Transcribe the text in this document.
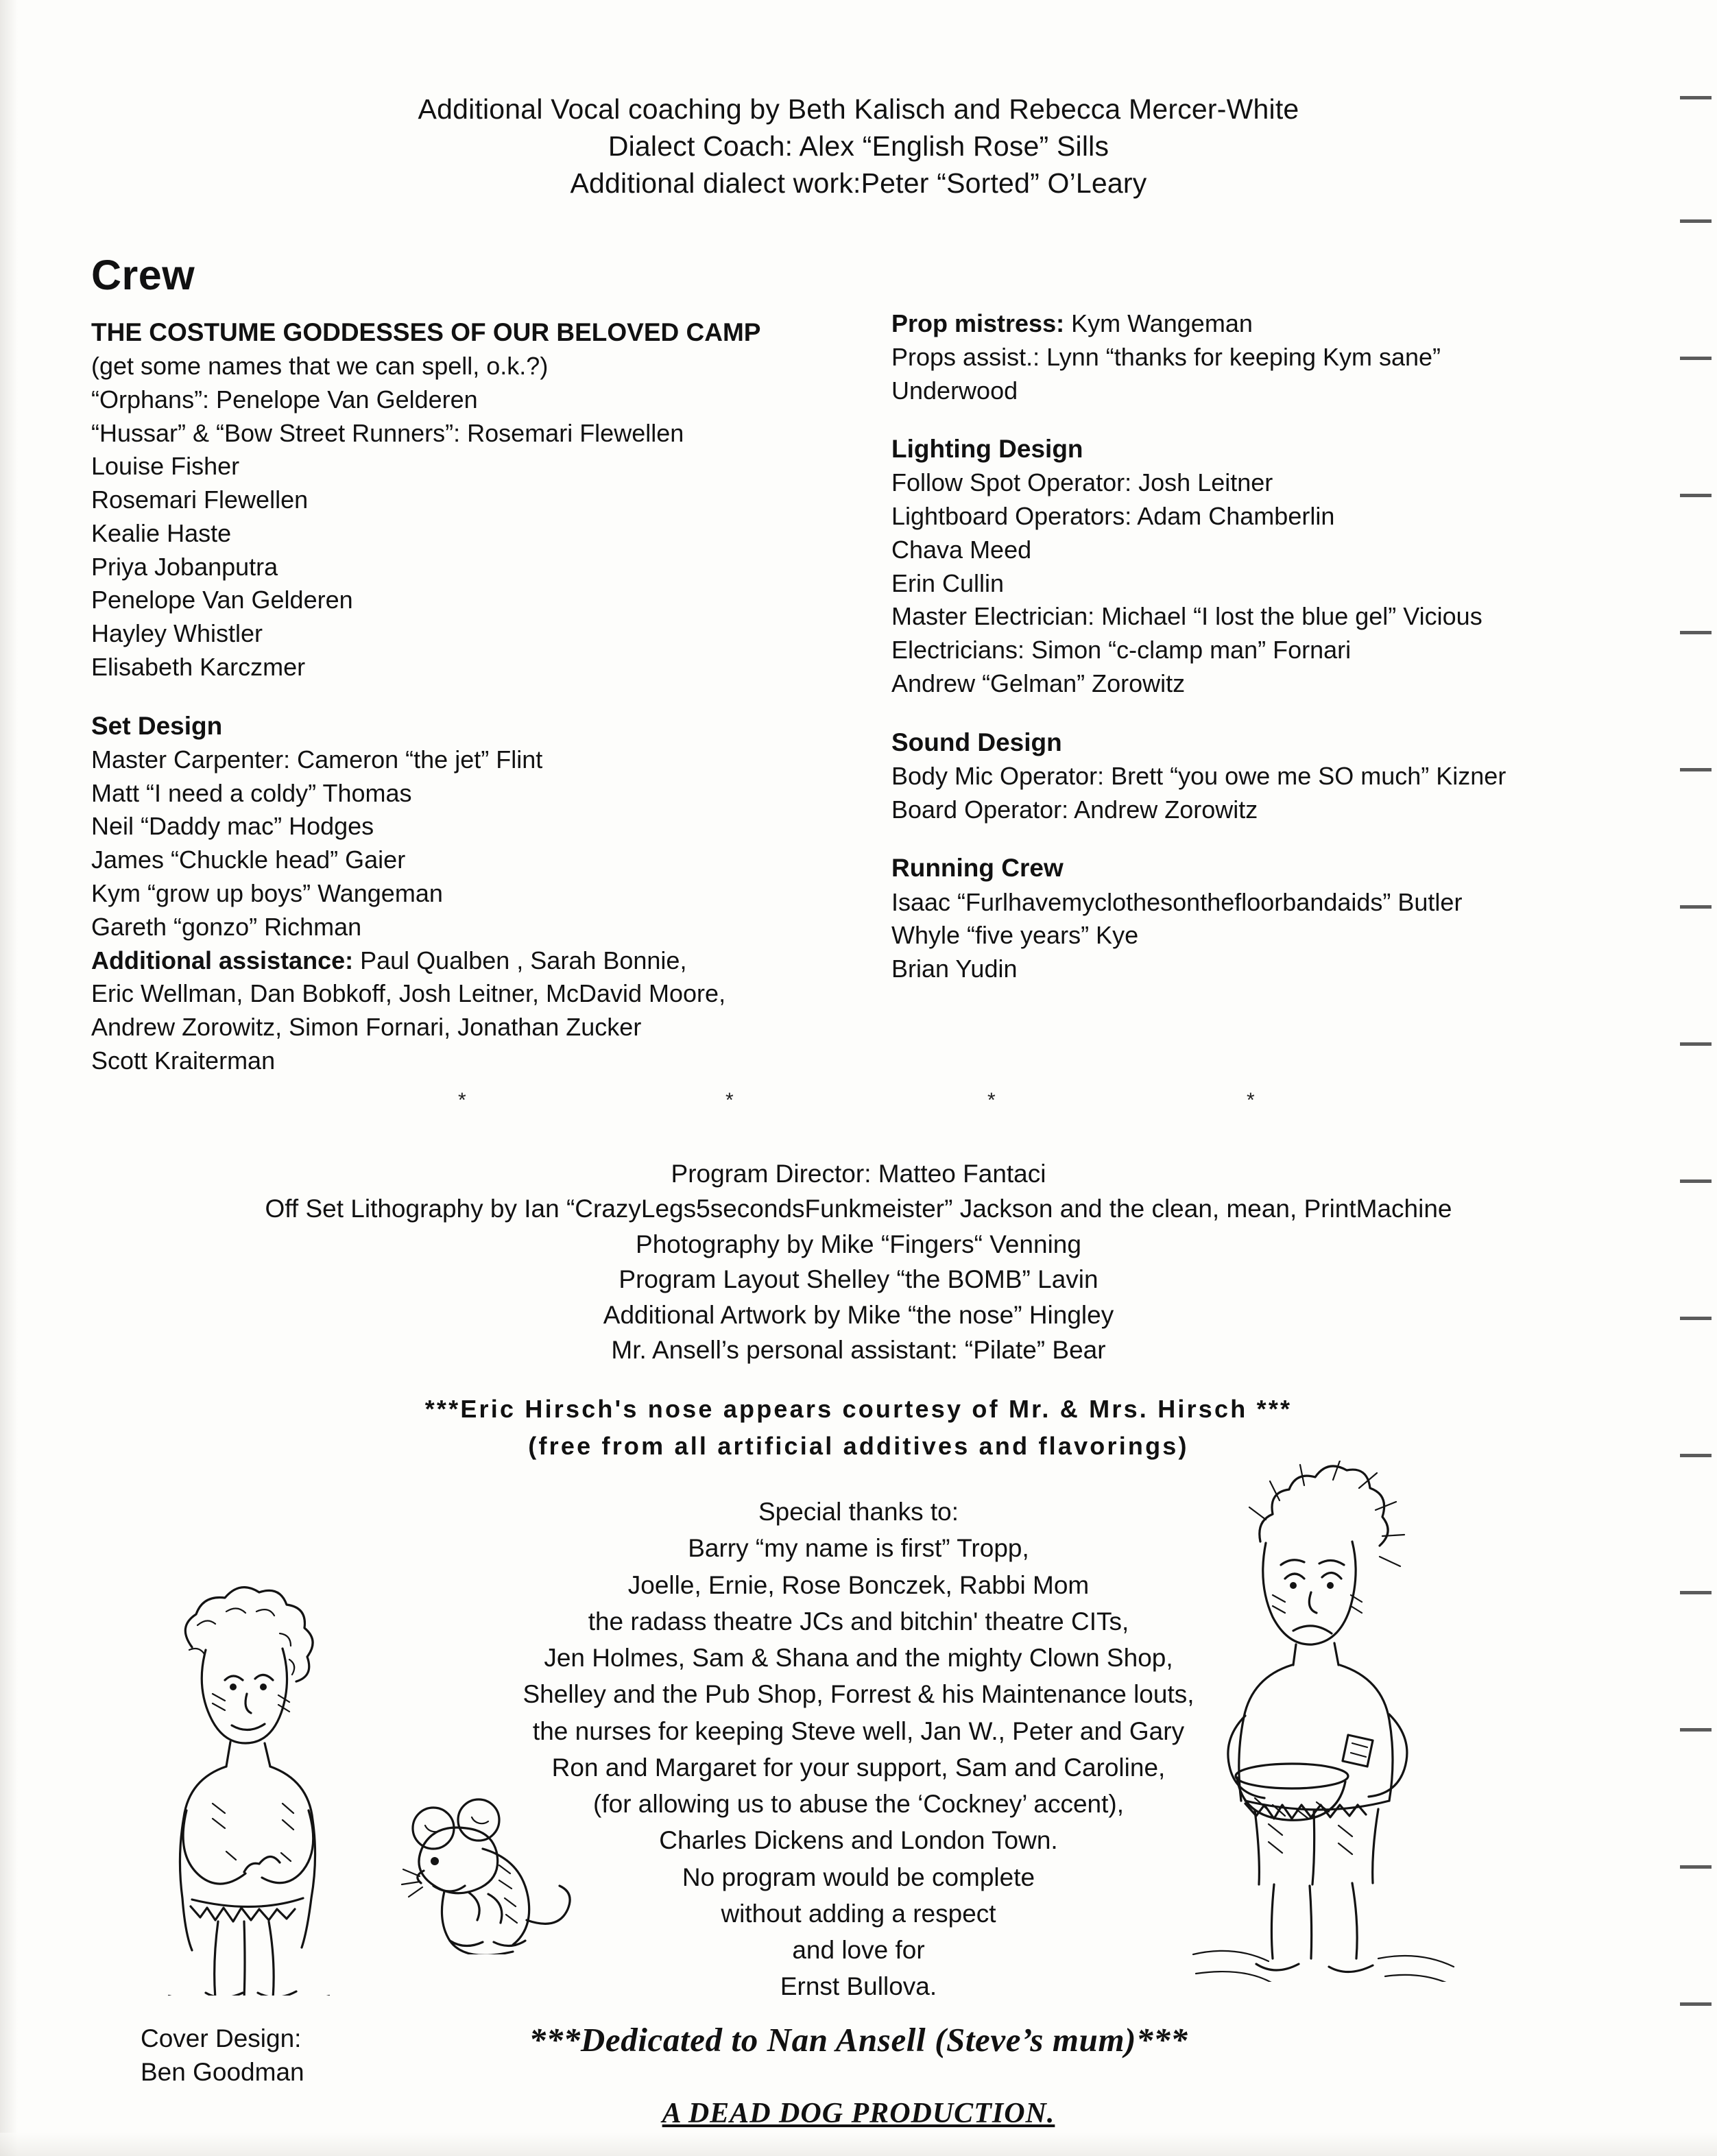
Additional Vocal coaching by Beth Kalisch and Rebecca Mercer-White
Dialect Coach: Alex “English Rose” Sills
Additional dialect work:Peter “Sorted” O’Leary
Crew
THE COSTUME GODDESSES OF OUR BELOVED CAMP
(get some names that we can spell, o.k.?)
“Orphans”: Penelope Van Gelderen
“Hussar” & “Bow Street Runners”: Rosemari Flewellen
Louise Fisher
Rosemari Flewellen
Kealie Haste
Priya Jobanputra
Penelope Van Gelderen
Hayley Whistler
Elisabeth Karczmer
Set Design
Master Carpenter: Cameron “the jet” Flint
Matt “I need a coldy” Thomas
Neil “Daddy mac” Hodges
James “Chuckle head” Gaier
Kym “grow up boys” Wangeman
Gareth “gonzo” Richman
Additional assistance: Paul Qualben , Sarah Bonnie,
Eric Wellman, Dan Bobkoff, Josh Leitner, McDavid Moore,
Andrew Zorowitz, Simon Fornari, Jonathan Zucker
Scott Kraiterman
Prop mistress: Kym Wangeman
Props assist.: Lynn “thanks for keeping Kym sane”
Underwood
Lighting Design
Follow Spot Operator: Josh Leitner
Lightboard Operators: Adam Chamberlin
Chava Meed
Erin Cullin
Master Electrician: Michael “I lost the blue gel” Vicious
Electricians: Simon “c-clamp man” Fornari
Andrew “Gelman” Zorowitz
Sound Design
Body Mic Operator: Brett “you owe me SO much” Kizner
Board Operator: Andrew Zorowitz
Running Crew
Isaac “Furlhavemyclothesonthefloorbandaids” Butler
Whyle “five years” Kye
Brian Yudin
*	*	*	*
Program Director: Matteo Fantaci
Off Set Lithography by Ian “CrazyLegs5secondsFunkmeister” Jackson and the clean, mean, PrintMachine
Photography by Mike “Fingers“ Venning
Program Layout Shelley “the BOMB” Lavin
Additional Artwork by Mike “the nose” Hingley
Mr. Ansell’s personal assistant: “Pilate” Bear
***Eric Hirsch's nose appears courtesy of Mr. & Mrs. Hirsch ***
(free from all artificial additives and flavorings)
Special thanks to:
Barry “my name is first” Tropp,
Joelle, Ernie, Rose Bonczek, Rabbi Mom
the radass theatre JCs and bitchin' theatre CITs,
Jen Holmes, Sam & Shana and the mighty Clown Shop,
Shelley and the Pub Shop, Forrest & his Maintenance louts,
the nurses for keeping Steve well, Jan W., Peter and Gary
Ron and Margaret for your support, Sam and Caroline,
(for allowing us to abuse the ‘Cockney’ accent),
Charles Dickens and London Town.
No program would be complete
without adding a respect
and love for
Ernst Bullova.
Cover Design:
Ben Goodman
***Dedicated to Nan Ansell (Steve’s mum)***
A DEAD DOG PRODUCTION.
